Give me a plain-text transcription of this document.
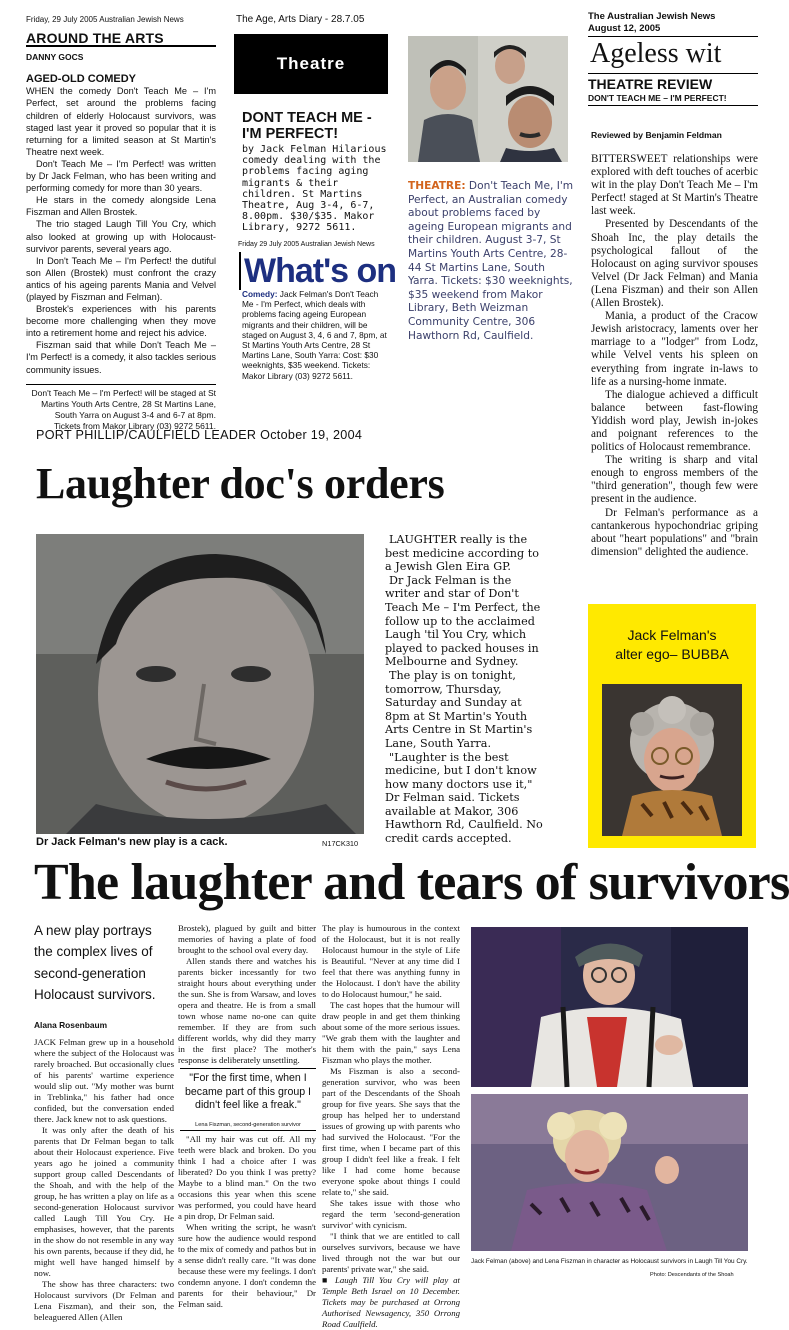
Friday, 29 July 2005 Australian Jewish News
AROUND THE ARTS
DANNY GOCS
AGED-OLD COMEDY

WHEN the comedy Don't Teach Me – I'm Perfect, set around the problems facing children of elderly Holocaust survivors, was staged last year it proved so popular that it is returning for a limited season at St Martin's Theatre next week.

Don't Teach Me – I'm Perfect! was written by Dr Jack Felman, who has been writing and performing comedy for more than 30 years.

He stars in the comedy alongside Lena Fiszman and Allen Brostek.

The trio staged Laugh Till You Cry, which also looked at growing up with Holocaust-survivor parents, several years ago.

In Don't Teach Me – I'm Perfect! the dutiful son Allen (Brostek) must confront the crazy antics of his ageing parents Mania and Velvel (played by Fiszman and Felman).

Brostek's experiences with his parents become more challenging when they move into a retirement home and reject his advice.

Fiszman said that while Don't Teach Me – I'm Perfect! is a comedy, it also tackles serious community issues.

Don't Teach Me – I'm Perfect! will be staged at St Martins Youth Arts Centre, 28 St Martins Lane, South Yarra on August 3-4 and 6-7 at 8pm. Tickets from Makor Library (03) 9272 5611.
The Age, Arts Diary - 28.7.05
Theatre
DONT TEACH ME - I'M PERFECT!
by Jack Felman Hilarious comedy dealing with the problems facing aging migrants & their children. St Martins Theatre, Aug 3-4, 6-7, 8.00pm. $30/$35. Makor Library, 9272 5611.
Friday 29 July 2005 Australian Jewish News
What's on
Comedy: Jack Felman's Don't Teach Me - I'm Perfect, which deals with problems facing ageing European migrants and their children, will be staged on August 3, 4, 6 and 7, 8pm, at St Martins Youth Arts Centre, 28 St Martins Lane, South Yarra: Cost: $30 weeknights, $35 weekend. Tickets: Makor Library (03) 9272 5611.
THEATRE: Don't Teach Me, I'm Perfect, an Australian comedy about problems faced by ageing European migrants and their children. August 3-7, St Martins Youth Arts Centre, 28-44 St Martins Lane, South Yarra. Tickets: $30 weeknights, $35 weekend from Makor Library, Beth Weizman Community Centre, 306 Hawthorn Rd, Caulfield.
The Australian Jewish News
August 12, 2005
Ageless wit
THEATRE REVIEW
DON'T TEACH ME – I'M PERFECT!
Reviewed by Benjamin Feldman

BITTERSWEET relationships were explored with deft touches of acerbic wit in the play Don't Teach Me – I'm Perfect! staged at St Martin's Theatre last week.

Presented by Descendants of the Shoah Inc, the play details the psychological fallout of the Holocaust on aging survivor spouses Velvel (Dr Jack Felman) and Mania (Lena Fiszman) and their son Allen (Allen Brostek).

Mania, a product of the Cracow Jewish aristocracy, laments over her marriage to a "lodger" from Lodz, while Velvel vents his spleen on everything from ingrate in-laws to life as a nursing-home inmate.

The dialogue achieved a difficult balance between fast-flowing Yiddish word play, Jewish in-jokes and poignant references to the politics of Holocaust remembrance.

The writing is sharp and vital enough to engross members of the "third generation", though few were present in the audience.

Dr Felman's performance as a cantankerous hypochondriac griping about "heart populations" and "brain dimension" delighted the audience.

Jack Felman's
alter ego– BUBBA
PORT PHILLIP/CAULFIELD LEADER October 19, 2004
Laughter doc's orders
Dr Jack Felman's new play is a cack.	N17CK310

LAUGHTER really is the best medicine according to a Jewish Glen Eira GP.

Dr Jack Felman is the writer and star of Don't Teach Me – I'm Perfect, the follow up to the acclaimed Laugh 'til You Cry, which played to packed houses in Melbourne and Sydney.

The play is on tonight, tomorrow, Thursday, Saturday and Sunday at 8pm at St Martin's Youth Arts Centre in St Martin's Lane, South Yarra.

"Laughter is the best medicine, but I don't know how many doctors use it," Dr Felman said. Tickets available at Makor, 306 Hawthorn Rd, Caulfield. No credit cards accepted.

The laughter and tears of survivors
A new play portrays the complex lives of second-generation Holocaust survivors.
Alana Rosenbaum

JACK Felman grew up in a household where the subject of the Holocaust was rarely broached. But occasionally clues of his parents' wartime experience would slip out. "My mother was burnt in Treblinka," his father had once confided, but the conversation ended there. Jack knew not to ask questions.

It was only after the death of his parents that Dr Felman began to talk about their Holocaust experience. Five years ago he joined a community support group called Descendants of the Shoah, and with the help of the group, he has written a play on life as a second-generation Holocaust survivor called Laugh Till You Cry. He emphasises, however, that the parents in the show do not resemble in any way his own parents, because if they did, he might well have hanged himself by now.

The show has three characters: two Holocaust survivors (Dr Felman and Lena Fiszman), and their son, the beleaguered Allen (Allen

Brostek), plagued by guilt and bitter memories of having a plate of food brought to the school oval every day.

Allen stands there and watches his parents bicker incessantly for two straight hours about everything under the sun. She is from Warsaw, and loves opera and theatre. He is from a small town whose name no-one can quite remember. If they are from such different worlds, why did they marry in the first place? The mother's response is deliberately unsettling.

"For the first time, when I became part of this group I didn't feel like a freak."
Lena Fiszman, second-generation survivor

"All my hair was cut off. All my teeth were black and broken. Do you think I had a choice after I was liberated? Do you think I was pretty? Maybe to a blind man." On the two occasions this year when this scene was performed, you could have heard a pin drop, Dr Felman said.

When writing the script, he wasn't sure how the audience would respond to the mix of comedy and pathos but in a sense didn't really care. "It was done because these were my feelings. I don't condemn anyone. I don't condemn the parents for their behaviour," Dr Felman said.

The play is humourous in the context of the Holocaust, but it is not really Holocaust humour in the style of Life is Beautiful. "Never at any time did I feel that there was anything funny in the Holocaust. I don't have the ability to do Holocaust humour," he said.

The cast hopes that the humour will draw people in and get them thinking about some of the more serious issues. "We grab them with the laughter and hit them with the pain," says Lena Fiszman who plays the mother.

Ms Fiszman is also a second-generation survivor, who was been part of the Descendants of the Shoah group for five years. She says that the group has helped her to understand issues of growing up with parents who had survived the Holocaust. "For the first time, when I became part of this group I didn't feel like a freak. I felt like I had come home because everyone spoke about things I could relate to," she said.

She takes issue with those who regard the term 'second-generation survivor' with cynicism.

"I think that we are entitled to call ourselves survivors, because we have lived through not the war but our parents' private war," she said.

■ Laugh Till You Cry will play at Temple Beth Israel on 10 December. Tickets may be purchased at Orrong Authorised Newsagency, 350 Orrong Road Caulfield.

Jack Felman (above) and Lena Fiszman in character as Holocaust survivors in Laugh Till You Cry.
Photo: Descendants of the Shoah
